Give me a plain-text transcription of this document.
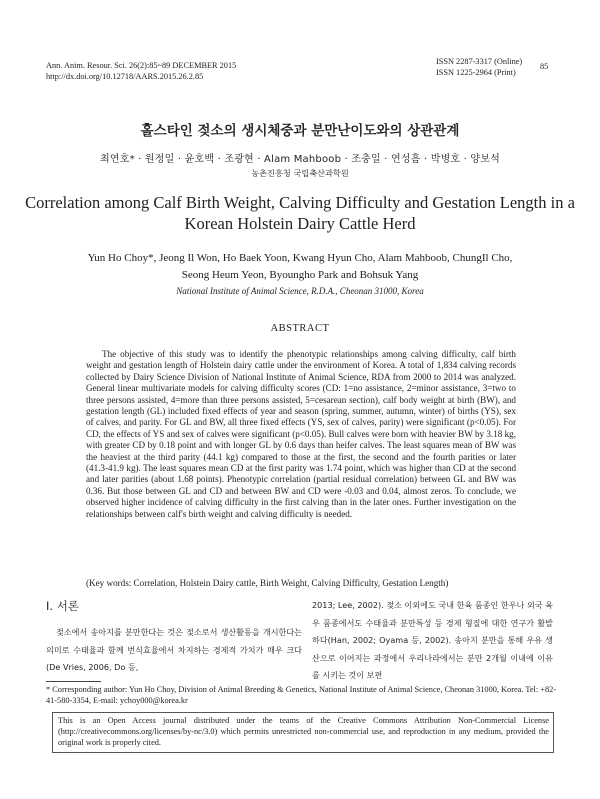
Ann. Anim. Resour. Sci. 26(2):85~89 DECEMBER 2015
http://dx.doi.org/10.12718/AARS.2015.26.2.85
ISSN 2287-3317 (Online)
ISSN 1225-2964 (Print)
85
홀스타인 젖소의 생시체중과 분만난이도와의 상관관계
최연호* · 원정일 · 윤호백 · 조광현 · Alam Mahboob · 조충일 · 연성흠 · 박병호 · 양보석
농촌진흥청 국립축산과학원
Correlation among Calf Birth Weight, Calving Difficulty and Gestation Length in a Korean Holstein Dairy Cattle Herd
Yun Ho Choy*, Jeong Il Won, Ho Baek Yoon, Kwang Hyun Cho, Alam Mahboob, ChungIl Cho,
Seong Heum Yeon, Byoungho Park and Bohsuk Yang
National Institute of Animal Science, R.D.A., Cheonan 31000, Korea
ABSTRACT

The objective of this study was to identify the phenotypic relationships among calving difficulty, calf birth weight and gestation length of Holstein dairy cattle under the environment of Korea. A total of 1,834 calving records collected by Dairy Science Division of National Institute of Animal Science, RDA from 2000 to 2014 was analyzed. General linear multivariate models for calving difficulty scores (CD: 1=no assistance, 2=minor assistance, 3=two to three persons assisted, 4=more than three persons assisted, 5=cesarean section), calf body weight at birth (BW), and gestation length (GL) included fixed effects of year and season (spring, summer, autumn, winter) of births (YS), sex of calves, and parity. For GL and BW, all three fixed effects (YS, sex of calves, parity) were significant (p<0.05). For CD, the effects of YS and sex of calves were significant (p<0.05). Bull calves were born with heavier BW by 3.18 kg, with greater CD by 0.18 point and with longer GL by 0.6 days than heifer calves. The least squares mean of BW was the heaviest at the third parity (44.1 kg) compared to those at the first, the second and the fourth parities or later (41.3-41.9 kg). The least squares mean CD at the first parity was 1.74 point, which was higher than CD at the second and later parities (about 1.68 points). Phenotypic correlation (partial residual correlation) between GL and BW was 0.36. But those between GL and CD and between BW and CD were -0.03 and 0.04, almost zeros. To conclude, we observed higher incidence of calving difficulty in the first calving than in the later ones. Further investigation on the relationships between calf's birth weight and calving difficulty is needed.

(Key words: Correlation, Holstein Dairy cattle, Birth Weight, Calving Difficulty, Gestation Length)
Ⅰ. 서론

젖소에서 송아지를 분만한다는 것은 젖소로서 생산활동을 개시한다는 의미로 수태율과 함께 번식효율에서 차지하는 경제적 가치가 매우 크다(De Vries, 2006, Do 등,

2013; Lee, 2002). 젖소 이외에도 국내 한육 품종인 한우나 외국 육우 품종에서도 수태율과 분만특성 등 경제 형질에 대한 연구가 활발하다(Han, 2002; Oyama 등, 2002). 송아지 분만을 통해 우유 생산으로 이어지는 과정에서 우리나라에서는 분만 2개월 이내에 이유를 시키는 것이 보편

* Corresponding author: Yun Ho Choy, Division of Animal Breeding & Genetics, National Institute of Animal Science, Cheonan 31000, Korea. Tel: +82-41-580-3354, E-mail: ychoy000@korea.kr

This is an Open Access journal distributed under the teams of the Creative Commons Attribution Non-Commercial License (http://creativecommons.org/licenses/by-nc/3.0) which permits unrestricted non-commercial use, and reproduction in any medium, provided the original work is properly cited.
